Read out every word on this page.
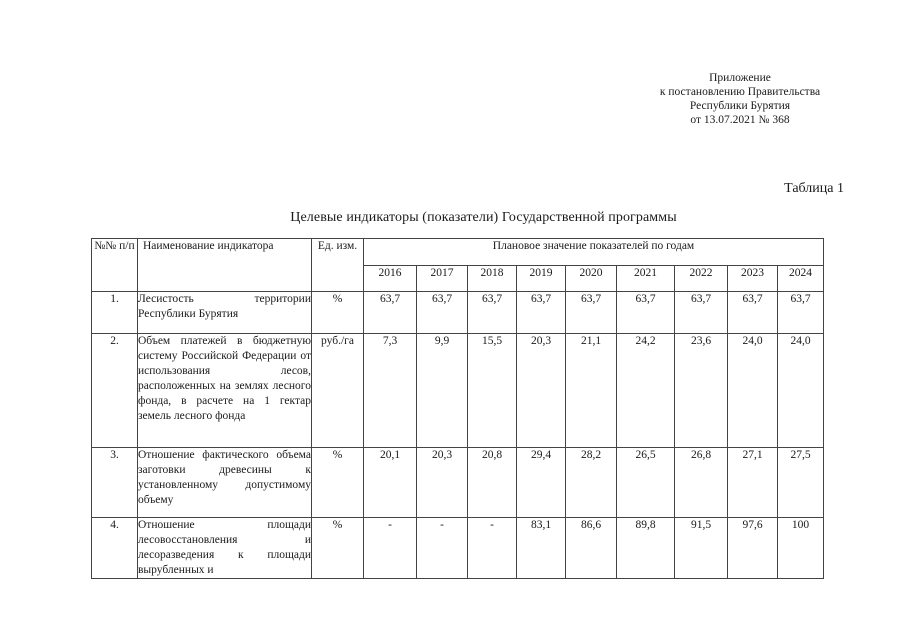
Приложение
к постановлению Правительства
Республики Бурятия
от 13.07.2021 № 368
Таблица 1
Целевые индикаторы (показатели) Государственной программы
№№ п/п	Наименование индикатора	Ед. изм.	Плановое значение показателей по годам								
			2016	2017	2018	2019	2020	2021	2022	2023	2024
1.	Лесистость территории Республики Бурятия	%	63,7	63,7	63,7	63,7	63,7	63,7	63,7	63,7	63,7
2.	Объем платежей в бюджетную систему Российской Федерации от использования лесов, расположенных на землях лесного фонда, в расчете на 1 гектар земель лесного фонда	руб./га	7,3	9,9	15,5	20,3	21,1	24,2	23,6	24,0	24,0
3.	Отношение фактического объема заготовки древесины к установленному допустимому объему	%	20,1	20,3	20,8	29,4	28,2	26,5	26,8	27,1	27,5
4.	Отношение площади лесовосстановления и лесоразведения к площади вырубленных и	%	-	-	-	83,1	86,6	89,8	91,5	97,6	100
